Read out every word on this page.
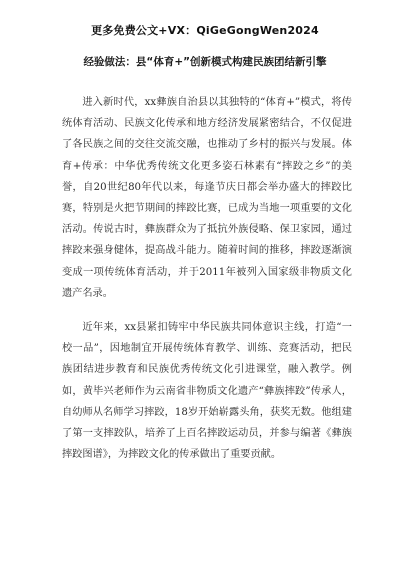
更多免费公文+VX：QiGeGongWen2024
经验做法：县“体育+”创新模式构建民族团结新引擎

进入新时代，xx彝族自治县以其独特的“体育+”模式，将传统体育活动、民族文化传承和地方经济发展紧密结合，不仅促进了各民族之间的交往交流交融，也推动了乡村的振兴与发展。体育+传承：中华优秀传统文化更多姿石林素有“摔跤之乡”的美誉，自20世纪80年代以来，每逢节庆日都会举办盛大的摔跤比赛，特别是火把节期间的摔跤比赛，已成为当地一项重要的文化活动。传说古时，彝族群众为了抵抗外族侵略、保卫家园，通过摔跤来强身健体，提高战斗能力。随着时间的推移，摔跤逐渐演变成一项传统体育活动，并于2011年被列入国家级非物质文化遗产名录。

近年来，xx县紧扣铸牢中华民族共同体意识主线，打造“一校一品”，因地制宜开展传统体育教学、训练、竞赛活动，把民族团结进步教育和民族优秀传统文化引进课堂，融入教学。例如，黄毕兴老师作为云南省非物质文化遗产“彝族摔跤”传承人，自幼师从名师学习摔跤，18岁开始崭露头角，获奖无数。他组建了第一支摔跤队，培养了上百名摔跤运动员，并参与编著《彝族摔跤图谱》，为摔跤文化的传承做出了重要贡献。
